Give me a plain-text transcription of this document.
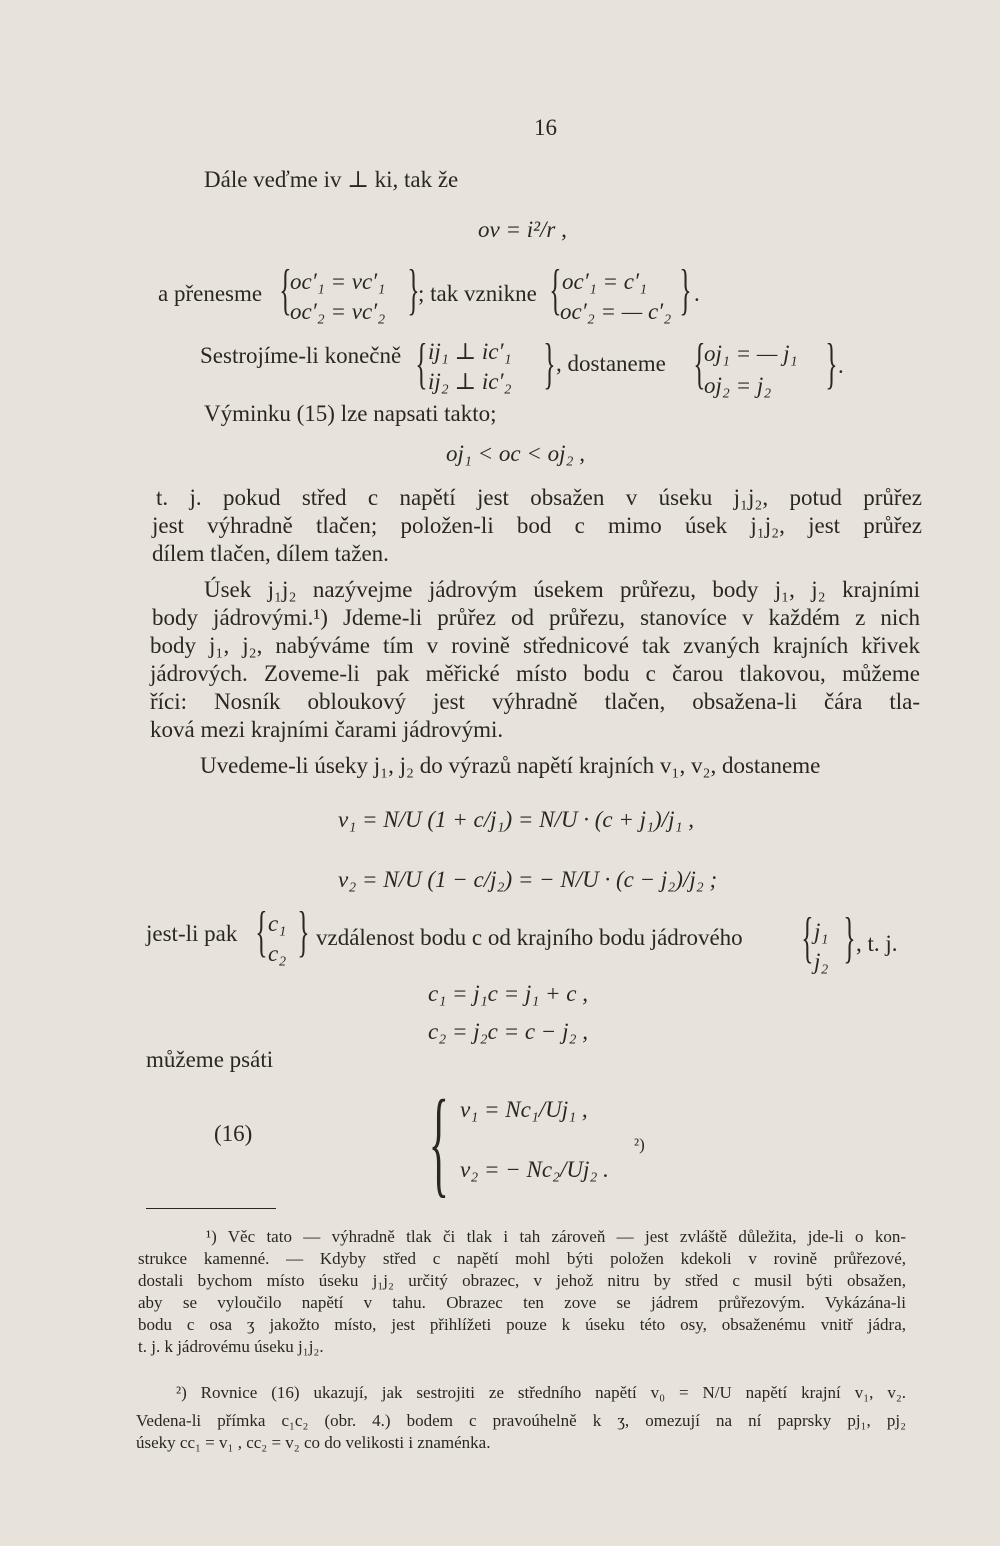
16
Dále veďme iv ⊥ ki, tak že
ov = i²/r ,
a přenesme {
oc′₁ = vc′₁
oc′₂ = vc′₂ }
; tak vznikne { oc′₁ = c′₁
oc′₂ = — c′₂ } .
Sestrojíme-li konečně { ij₁ ⊥ ic′₁
ij₂ ⊥ ic′₂ } , dostaneme {
oj₁ = — j₁
oj₂ = j₂ } .
Výminku (15) lze napsati takto;
oj₁ < oc < oj₂ ,
t. j. pokud střed c napětí jest obsažen v úseku j₁j₂, potud průřez
jest výhradně tlačen; položen-li bod c mimo úsek j₁j₂, jest průřez
dílem tlačen, dílem tažen.
Úsek j₁j₂ nazývejme jádrovým úsekem průřezu, body j₁, j₂ krajními
body jádrovými.¹) Jdeme-li průřez od průřezu, stanovíce v každém z nich
body j₁, j₂, nabýváme tím v rovině střednicové tak zvaných krajních křivek
jádrových. Zoveme-li pak měřické místo bodu c čarou tlakovou, můžeme
říci: Nosník obloukový jest výhradně tlačen, obsažena-li čára tla-
ková mezi krajními čarami jádrovými.
Uvedeme-li úseky j₁, j₂ do výrazů napětí krajních v₁, v₂, dostaneme
v₁ = N/U (1 + c/j₁) = N/U · (c + j₁)/j₁ ,
v₂ = N/U (1 − c/j₂) = − N/U · (c − j₂)/j₂ ;
jest-li pak { c₁
c₂ } vzdálenost bodu c od krajního bodu jádrového { j₁
j₂ } , t. j.
c₁ = j₁c = j₁ + c ,
c₂ = j₂c = c − j₂ ,
můžeme psáti
(16) { v₁ = Nc₁/Uj₁ ,
v₂ = − Nc₂/Uj₂ .
²)
¹) Věc tato — výhradně tlak či tlak i tah zároveň — jest zvláště důležita, jde-li o kon-
strukce kamenné. — Kdyby střed c napětí mohl býti položen kdekoli v rovině průřezové,
dostali bychom místo úseku j₁j₂ určitý obrazec, v jehož nitru by střed c musil býti obsažen,
aby se vyloučilo napětí v tahu. Obrazec ten zove se jádrem průřezovým. Vykázána-li
bodu c osa ʒ jakožto místo, jest přihlížeti pouze k úseku této osy, obsaženému vnitř jádra,
t. j. k jádrovému úseku j₁j₂.
²) Rovnice (16) ukazují, jak sestrojiti ze středního napětí v₀ = N/U napětí krajní v₁, v₂.
Vedena-li přímka c₁c₂ (obr. 4.) bodem c pravoúhelně k ʒ, omezují na ní paprsky pj₁, pj₂
úseky cc₁ = v₁ , cc₂ = v₂ co do velikosti i znaménka.
